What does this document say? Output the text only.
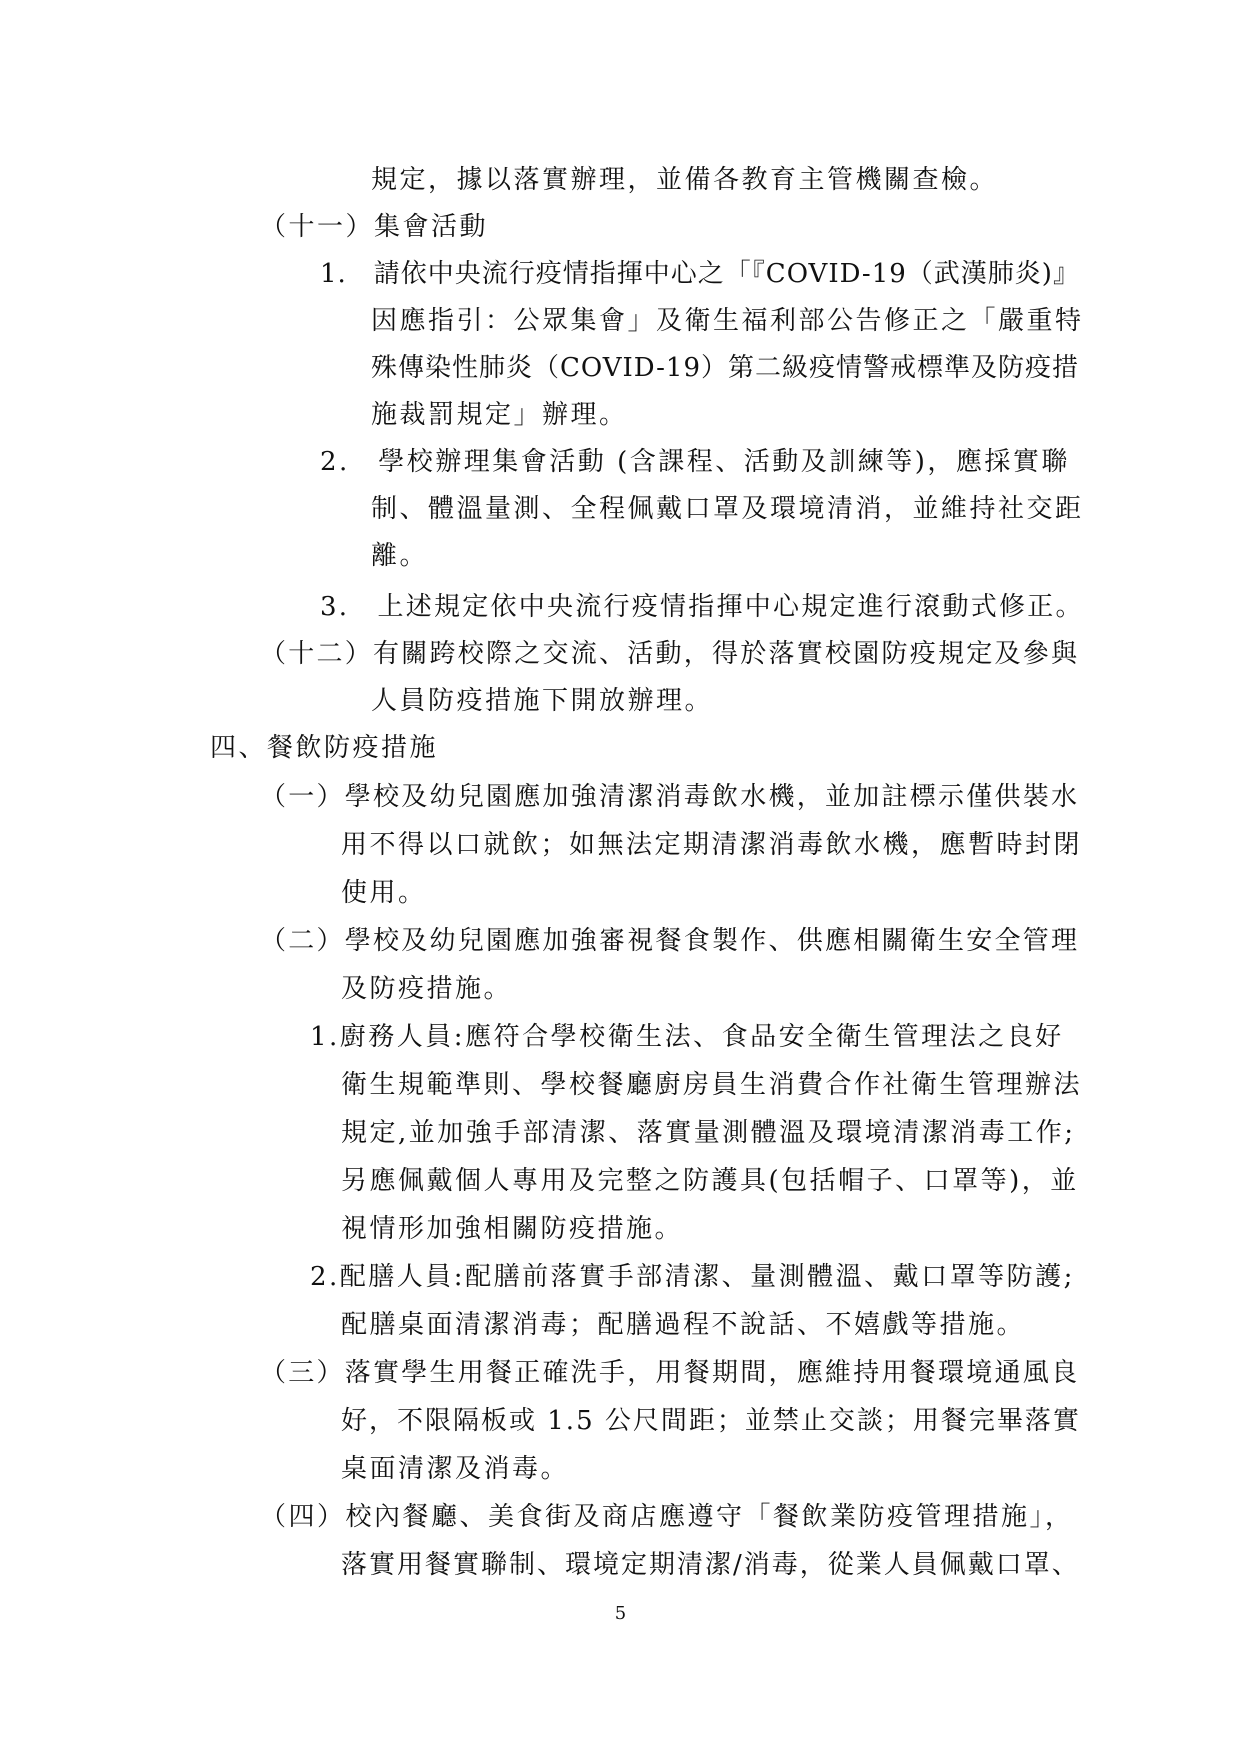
規定，據以落實辦理，並備各教育主管機關查檢。
（十一）集會活動
1.　請依中央流行疫情指揮中心之「『COVID-19（武漢肺炎)』
因應指引：公眾集會」及衛生福利部公告修正之「嚴重特
殊傳染性肺炎（COVID-19）第二級疫情警戒標準及防疫措
施裁罰規定」辦理。
2.　學校辦理集會活動 (含課程、活動及訓練等)，應採實聯
制、體溫量測、全程佩戴口罩及環境清消，並維持社交距
離。
3.　上述規定依中央流行疫情指揮中心規定進行滾動式修正。
（十二）有關跨校際之交流、活動，得於落實校園防疫規定及參與
人員防疫措施下開放辦理。
四、餐飲防疫措施
（一）學校及幼兒園應加強清潔消毒飲水機，並加註標示僅供裝水
用不得以口就飲；如無法定期清潔消毒飲水機，應暫時封閉
使用。
（二）學校及幼兒園應加強審視餐食製作、供應相關衛生安全管理
及防疫措施。
1.廚務人員:應符合學校衛生法、食品安全衛生管理法之良好
衛生規範準則、學校餐廳廚房員生消費合作社衛生管理辦法
規定,並加強手部清潔、落實量測體溫及環境清潔消毒工作;
另應佩戴個人專用及完整之防護具(包括帽子、口罩等)，並
視情形加強相關防疫措施。
2.配膳人員:配膳前落實手部清潔、量測體溫、戴口罩等防護;
配膳桌面清潔消毒；配膳過程不說話、不嬉戲等措施。
（三）落實學生用餐正確洗手，用餐期間，應維持用餐環境通風良
好，不限隔板或 1.5 公尺間距；並禁止交談；用餐完畢落實
桌面清潔及消毒。
（四）校內餐廳、美食街及商店應遵守「餐飲業防疫管理措施」，
落實用餐實聯制、環境定期清潔/消毒，從業人員佩戴口罩、
5
